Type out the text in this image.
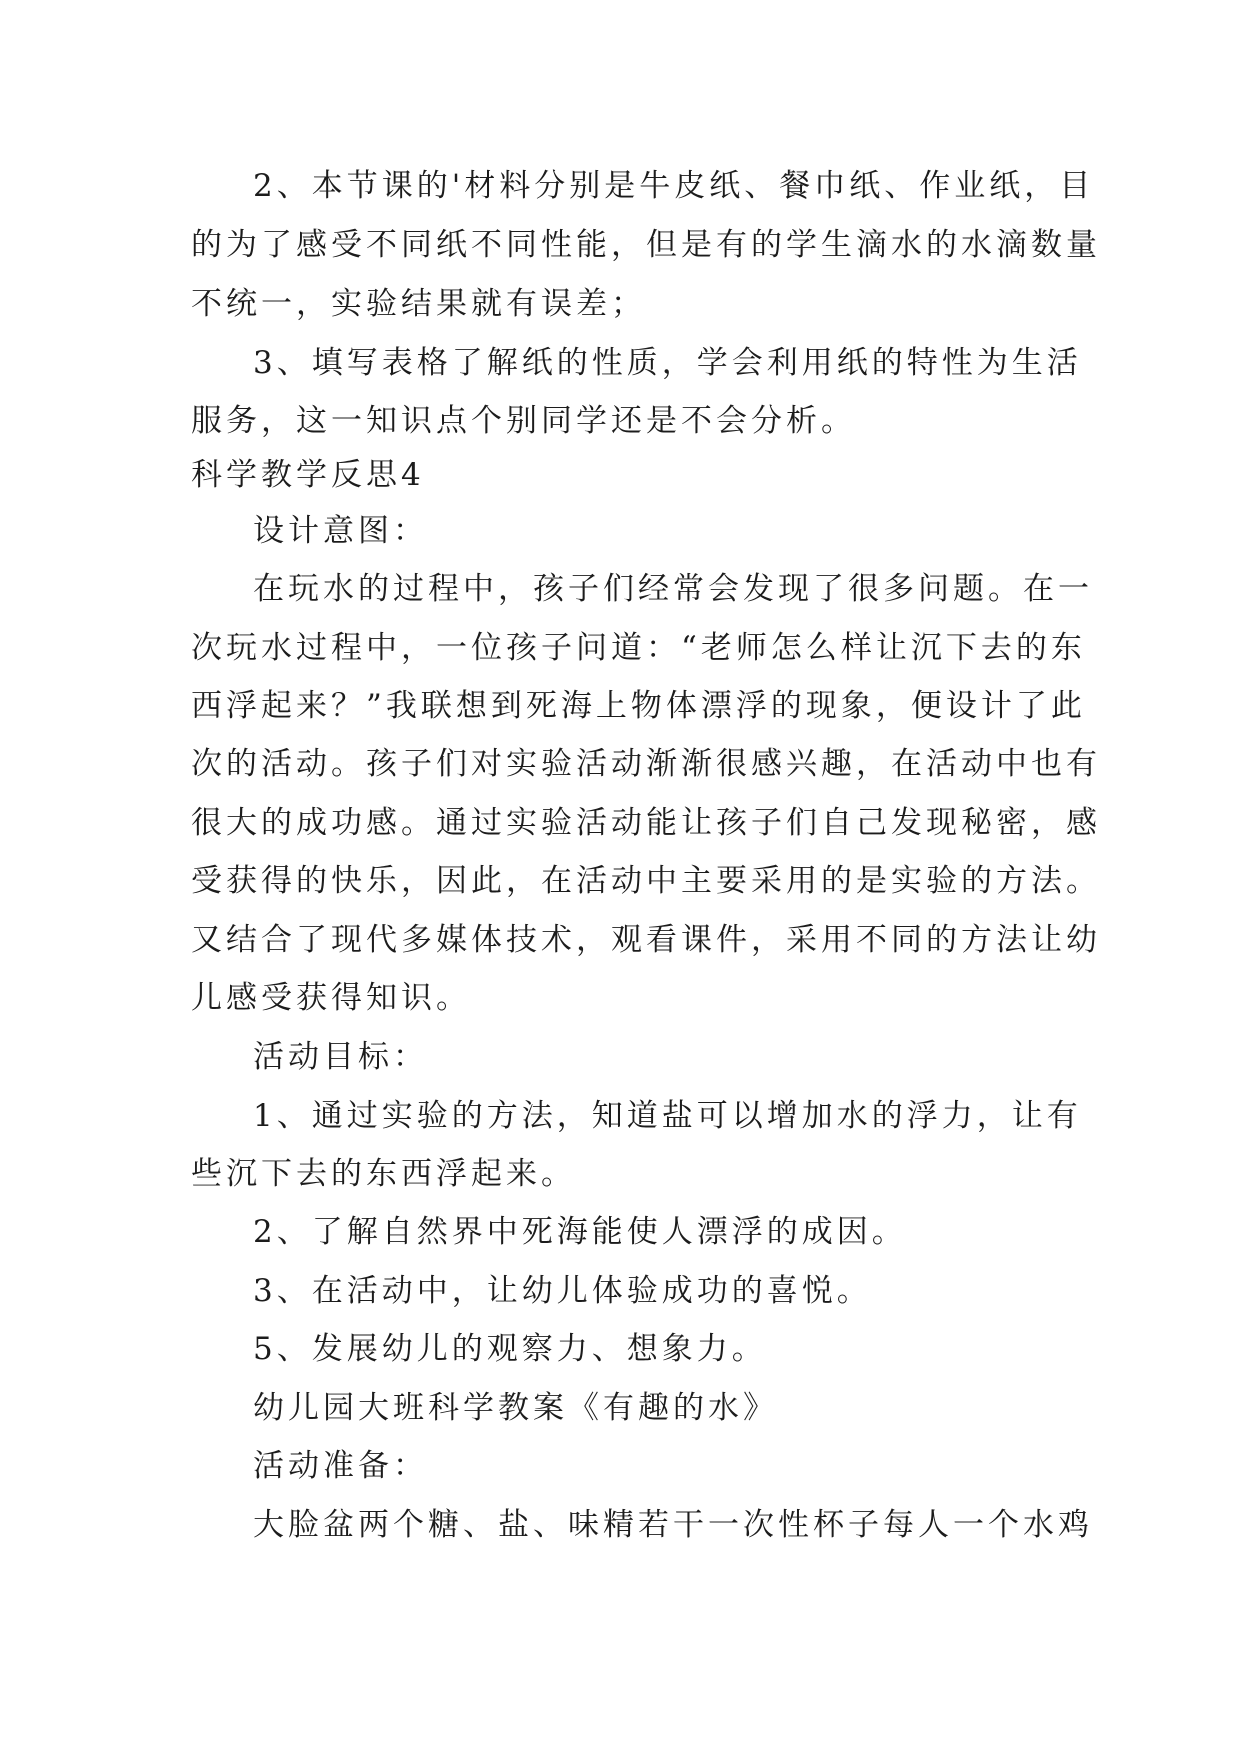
2、本节课的'材料分别是牛皮纸、餐巾纸、作业纸，目
的为了感受不同纸不同性能，但是有的学生滴水的水滴数量
不统一，实验结果就有误差；
3、填写表格了解纸的性质，学会利用纸的特性为生活
服务，这一知识点个别同学还是不会分析。
科学教学反思4
设计意图：
在玩水的过程中，孩子们经常会发现了很多问题。在一
次玩水过程中，一位孩子问道：“老师怎么样让沉下去的东
西浮起来？”我联想到死海上物体漂浮的现象，便设计了此
次的活动。孩子们对实验活动渐渐很感兴趣，在活动中也有
很大的成功感。通过实验活动能让孩子们自己发现秘密，感
受获得的快乐，因此，在活动中主要采用的是实验的方法。
又结合了现代多媒体技术，观看课件，采用不同的方法让幼
儿感受获得知识。
活动目标：
1、通过实验的方法，知道盐可以增加水的浮力，让有
些沉下去的东西浮起来。
2、了解自然界中死海能使人漂浮的成因。
3、在活动中，让幼儿体验成功的喜悦。
5、发展幼儿的观察力、想象力。
幼儿园大班科学教案《有趣的水》
活动准备：
大脸盆两个糖、盐、味精若干一次性杯子每人一个水鸡
